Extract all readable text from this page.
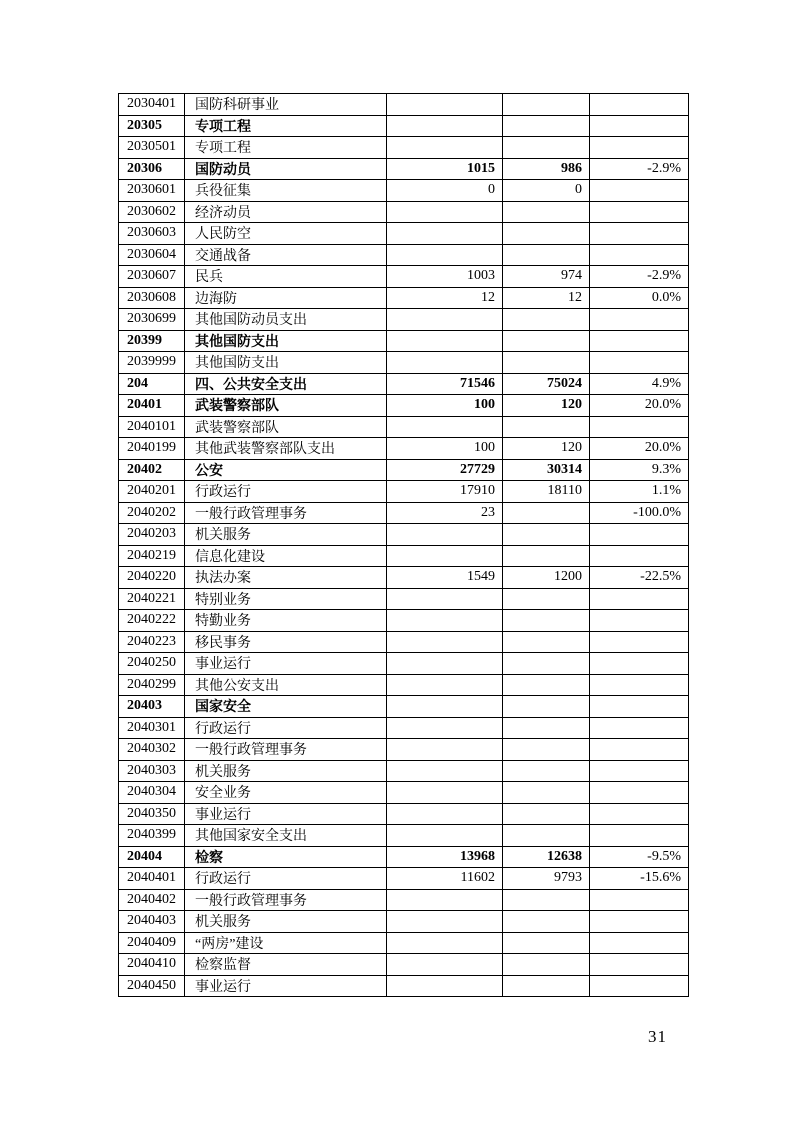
2030401	国防科研事业			
20305	专项工程			
2030501	专项工程			
20306	国防动员	1015	986	-2.9%
2030601	兵役征集	0	0	
2030602	经济动员			
2030603	人民防空			
2030604	交通战备			
2030607	民兵	1003	974	-2.9%
2030608	边海防	12	12	0.0%
2030699	其他国防动员支出			
20399	其他国防支出			
2039999	其他国防支出			
204	四、公共安全支出	71546	75024	4.9%
20401	武装警察部队	100	120	20.0%
2040101	武装警察部队			
2040199	其他武装警察部队支出	100	120	20.0%
20402	公安	27729	30314	9.3%
2040201	行政运行	17910	18110	1.1%
2040202	一般行政管理事务	23		-100.0%
2040203	机关服务			
2040219	信息化建设			
2040220	执法办案	1549	1200	-22.5%
2040221	特别业务			
2040222	特勤业务			
2040223	移民事务			
2040250	事业运行			
2040299	其他公安支出			
20403	国家安全			
2040301	行政运行			
2040302	一般行政管理事务			
2040303	机关服务			
2040304	安全业务			
2040350	事业运行			
2040399	其他国家安全支出			
20404	检察	13968	12638	-9.5%
2040401	行政运行	11602	9793	-15.6%
2040402	一般行政管理事务			
2040403	机关服务			
2040409	“两房”建设			
2040410	检察监督			
2040450	事业运行			
31
